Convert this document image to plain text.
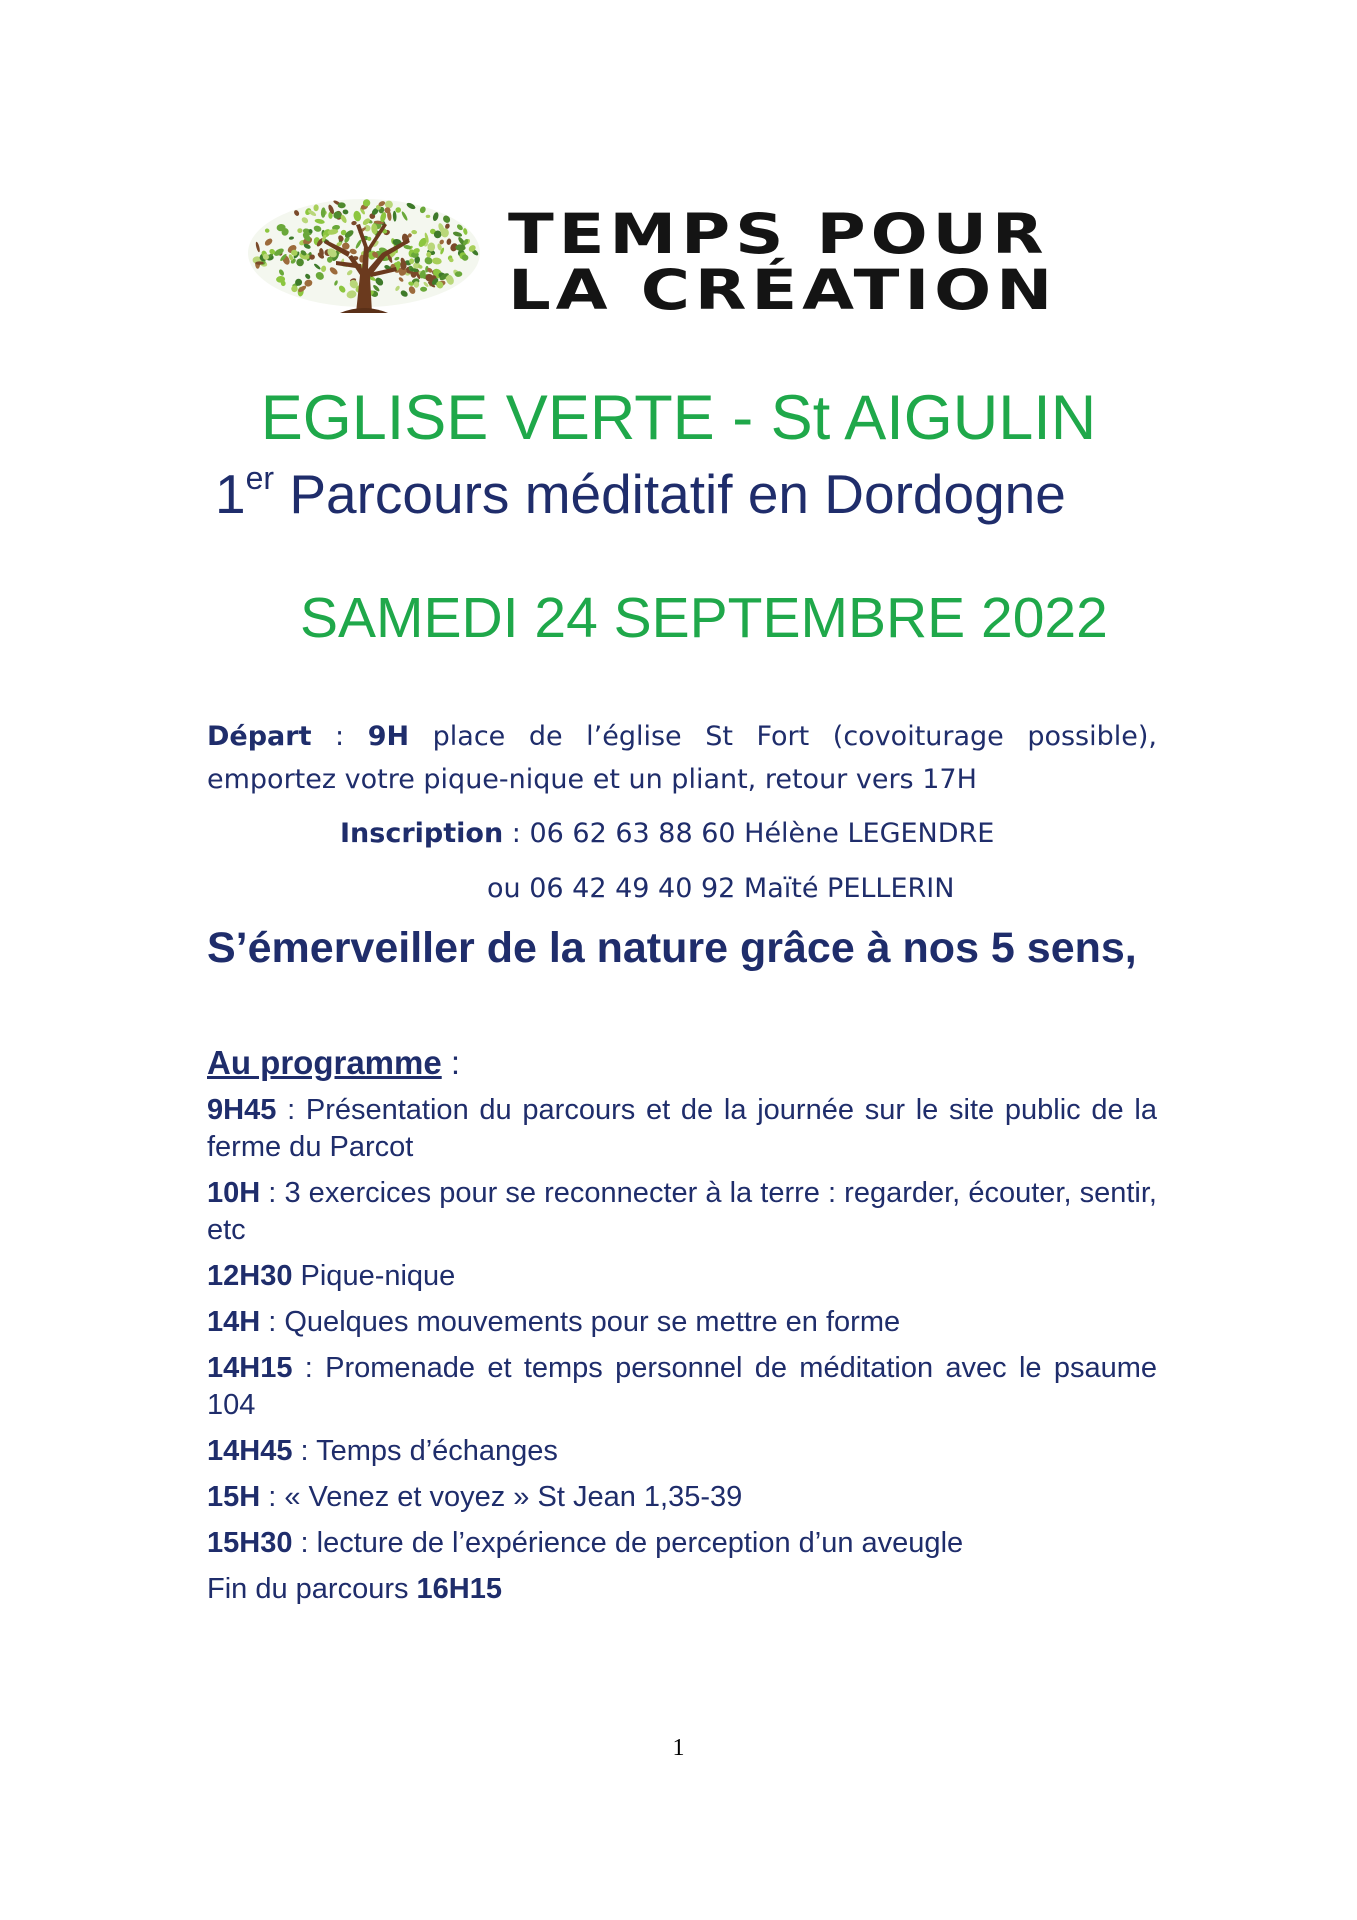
TEMPS POUR
LA CRÉATION
EGLISE VERTE - St AIGULIN
1er Parcours méditatif en Dordogne
SAMEDI 24 SEPTEMBRE 2022
Départ : 9H place de l’église St Fort (covoiturage possible), emportez votre pique-nique et un pliant, retour vers 17H
Inscription : 06 62 63 88 60 Hélène LEGENDRE
ou 06 42 49 40 92 Maïté PELLERIN
S’émerveiller de la nature grâce à nos 5 sens,
Au programme :
9H45 : Présentation du parcours et de la journée sur le site public de la ferme du Parcot
10H : 3 exercices pour se reconnecter à la terre : regarder, écouter, sentir, etc
12H30 Pique-nique
14H : Quelques mouvements pour se mettre en forme
14H15 : Promenade et temps personnel de méditation avec le psaume 104
14H45 : Temps d’échanges
15H : « Venez et voyez » St Jean 1,35-39
15H30 : lecture de l’expérience de perception d’un aveugle
Fin du parcours 16H15
1
